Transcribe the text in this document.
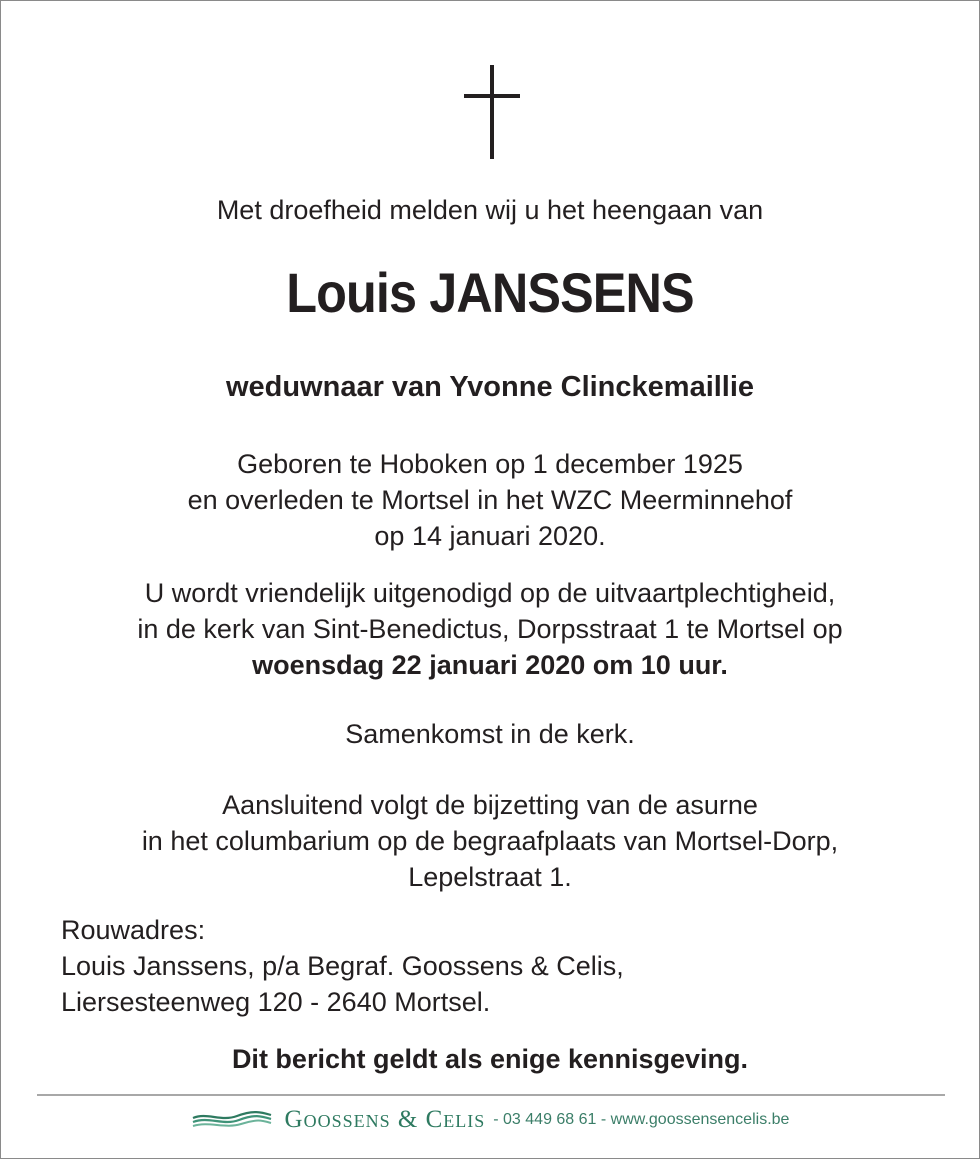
Met droefheid melden wij u het heengaan van
Louis JANSSENS
weduwnaar van Yvonne Clinckemaillie
Geboren te Hoboken op 1 december 1925
en overleden te Mortsel in het WZC Meerminnehof
op 14 januari 2020.
U wordt vriendelijk uitgenodigd op de uitvaartplechtigheid,
in de kerk van Sint-Benedictus, Dorpsstraat 1 te Mortsel op
woensdag 22 januari 2020 om 10 uur.
Samenkomst in de kerk.
Aansluitend volgt de bijzetting van de asurne
in het columbarium op de begraafplaats van Mortsel-Dorp,
Lepelstraat 1.
Rouwadres:
Louis Janssens, p/a Begraf. Goossens & Celis,
Liersesteenweg 120 - 2640 Mortsel.
Dit bericht geldt als enige kennisgeving.
Goossens & Celis - 03 449 68 61 - www.goossensencelis.be
